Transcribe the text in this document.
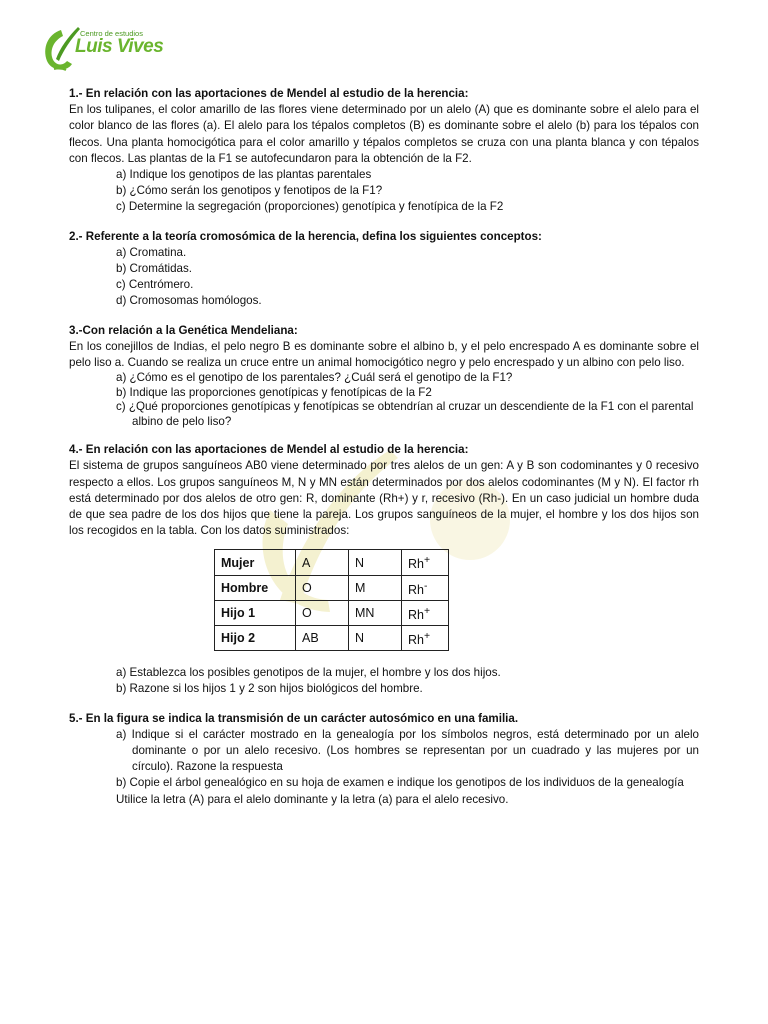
Centro de estudios
Luis Vives
1.- En relación con las aportaciones de Mendel al estudio de la herencia:

En los tulipanes, el color amarillo de las flores viene determinado por un alelo (A) que es dominante sobre el alelo para el color blanco de las flores (a). El alelo para los tépalos completos (B) es dominante sobre el alelo (b) para los tépalos con flecos. Una planta homocigótica para el color amarillo y tépalos completos se cruza con una planta blanca y con tépalos con flecos. Las plantas de la F1 se autofecundaron para la obtención de la F2.

a) Indique los genotipos de las plantas parentales
b) ¿Cómo serán los genotipos y fenotipos de la F1?
c) Determine la segregación (proporciones) genotípica y fenotípica de la F2
2.- Referente a la teoría cromosómica de la herencia, defina los siguientes conceptos:
a) Cromatina.
b) Cromátidas.
c) Centrómero.
d) Cromosomas homólogos.
3.-Con relación a la Genética Mendeliana:

En los conejillos de Indias, el pelo negro B es dominante sobre el albino b, y el pelo encrespado A es dominante sobre el pelo liso a. Cuando se realiza un cruce entre un animal homocigótico negro y pelo encrespado y un albino con pelo liso.

a) ¿Cómo es el genotipo de los parentales? ¿Cuál será el genotipo de la F1?
b) Indique las proporciones genotípicas y fenotípicas de la F2
c) ¿Qué proporciones genotípicas y fenotípicas se obtendrían al cruzar un descendiente de la F1 con el parental albino de pelo liso?
4.- En relación con las aportaciones de Mendel al estudio de la herencia:

El sistema de grupos sanguíneos AB0 viene determinado por tres alelos de un gen: A y B son codominantes y 0 recesivo respecto a ellos. Los grupos sanguíneos M, N y MN están determinados por dos alelos codominantes (M y N). El factor rh está determinado por dos alelos de otro gen: R, dominante (Rh+) y r, recesivo (Rh-). En un caso judicial un hombre duda de que sea padre de los dos hijos que tiene la pareja. Los grupos sanguíneos de la mujer, el hombre y los dos hijos son los recogidos en la tabla. Con los datos suministrados:

Mujer	A	N	Rh+
Hombre	O	M	Rh-
Hijo 1	O	MN	Rh+
Hijo 2	AB	N	Rh+
a) Establezca los posibles genotipos de la mujer, el hombre y los dos hijos.
b) Razone si los hijos 1 y 2 son hijos biológicos del hombre.
5.- En la figura se indica la transmisión de un carácter autosómico en una familia.
a) Indique si el carácter mostrado en la genealogía por los símbolos negros, está determinado por un alelo dominante o por un alelo recesivo. (Los hombres se representan por un cuadrado y las mujeres por un círculo). Razone la respuesta
b) Copie el árbol genealógico en su hoja de examen e indique los genotipos de los individuos de la genealogía

Utilice la letra (A) para el alelo dominante y la letra (a) para el alelo recesivo.
